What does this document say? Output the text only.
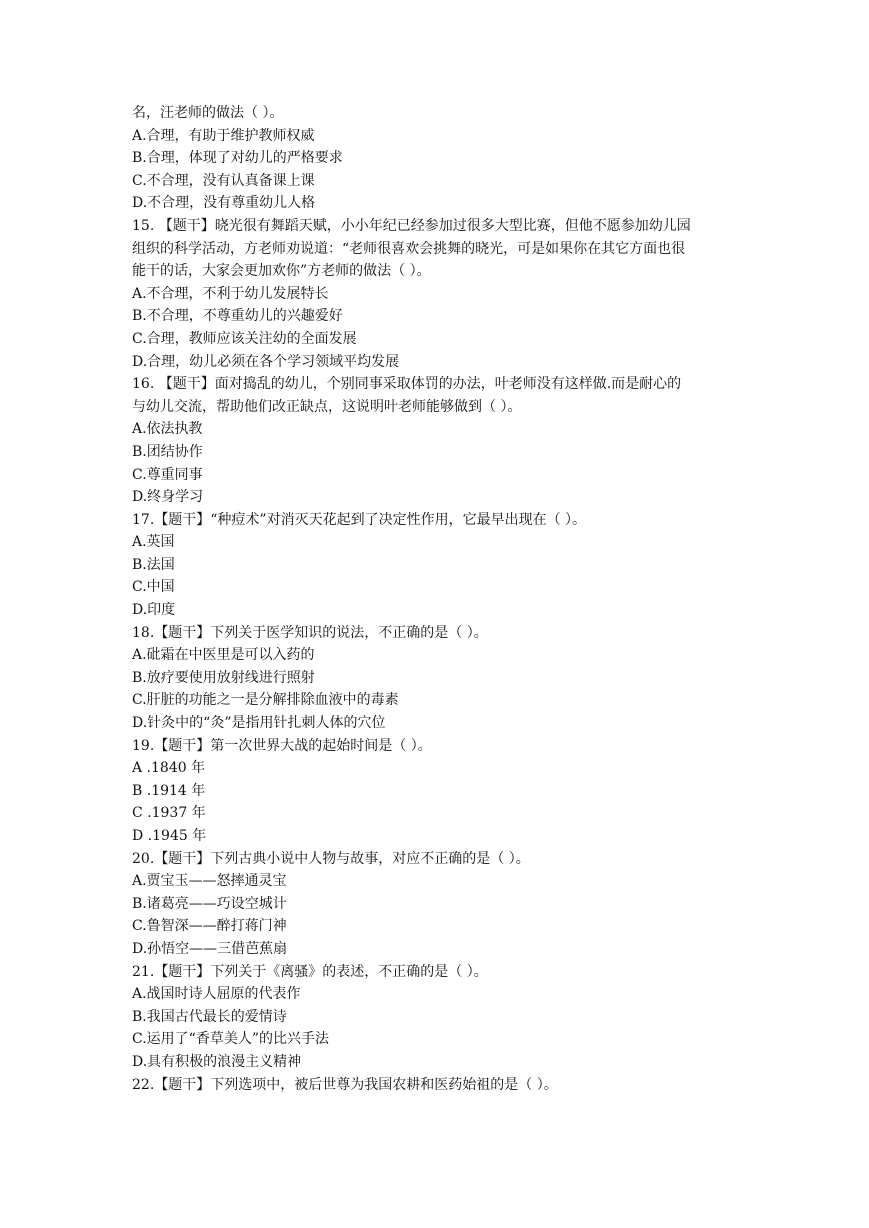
名，汪老师的做法（ ）。
A.合理，有助于维护教师权威
B.合理，体现了对幼儿的严格要求
C.不合理，没有认真备课上课
D.不合理，没有尊重幼儿人格
15. 【题干】晓光很有舞蹈天赋，小小年纪已经参加过很多大型比赛，但他不愿参加幼儿园
组织的科学活动，方老师劝说道：“老师很喜欢会挑舞的晓光，可是如果你在其它方面也很
能干的话，大家会更加欢你”方老师的做法（ ）。
A.不合理，不利于幼儿发展特长
B.不合理，不尊重幼儿的兴趣爱好
C.合理，教师应该关注幼的全面发展
D.合理，幼儿必须在各个学习领域平均发展
16. 【题干】面对捣乱的幼儿，个别同事采取体罚的办法，叶老师没有这样做.而是耐心的
与幼儿交流，帮助他们改正缺点，这说明叶老师能够做到（ ）。
A.依法执教
B.团结协作
C.尊重同事
D.终身学习
17.【题干】“种痘术”对消灭天花起到了决定性作用，它最早出现在（ ）。
A.英国
B.法国
C.中国
D.印度
18.【题干】下列关于医学知识的说法，不正确的是（ ）。
A.砒霜在中医里是可以入药的
B.放疗要使用放射线进行照射
C.肝脏的功能之一是分解排除血液中的毒素
D.针灸中的“灸”是指用针扎刺人体的穴位
19.【题干】第一次世界大战的起始时间是（ ）。
A .1840 年
B .1914 年
C .1937 年
D .1945 年
20.【题干】下列古典小说中人物与故事，对应不正确的是（ ）。
A.贾宝玉——怒摔通灵宝
B.诸葛亮——巧设空城计
C.鲁智深——醉打蒋门神
D.孙悟空——三借芭蕉扇
21.【题干】下列关于《离骚》的表述，不正确的是（ ）。
A.战国时诗人屈原的代表作
B.我国古代最长的爱情诗
C.运用了“香草美人”的比兴手法
D.具有积极的浪漫主义精神
22.【题干】下列选项中，被后世尊为我国农耕和医药始祖的是（ ）。
